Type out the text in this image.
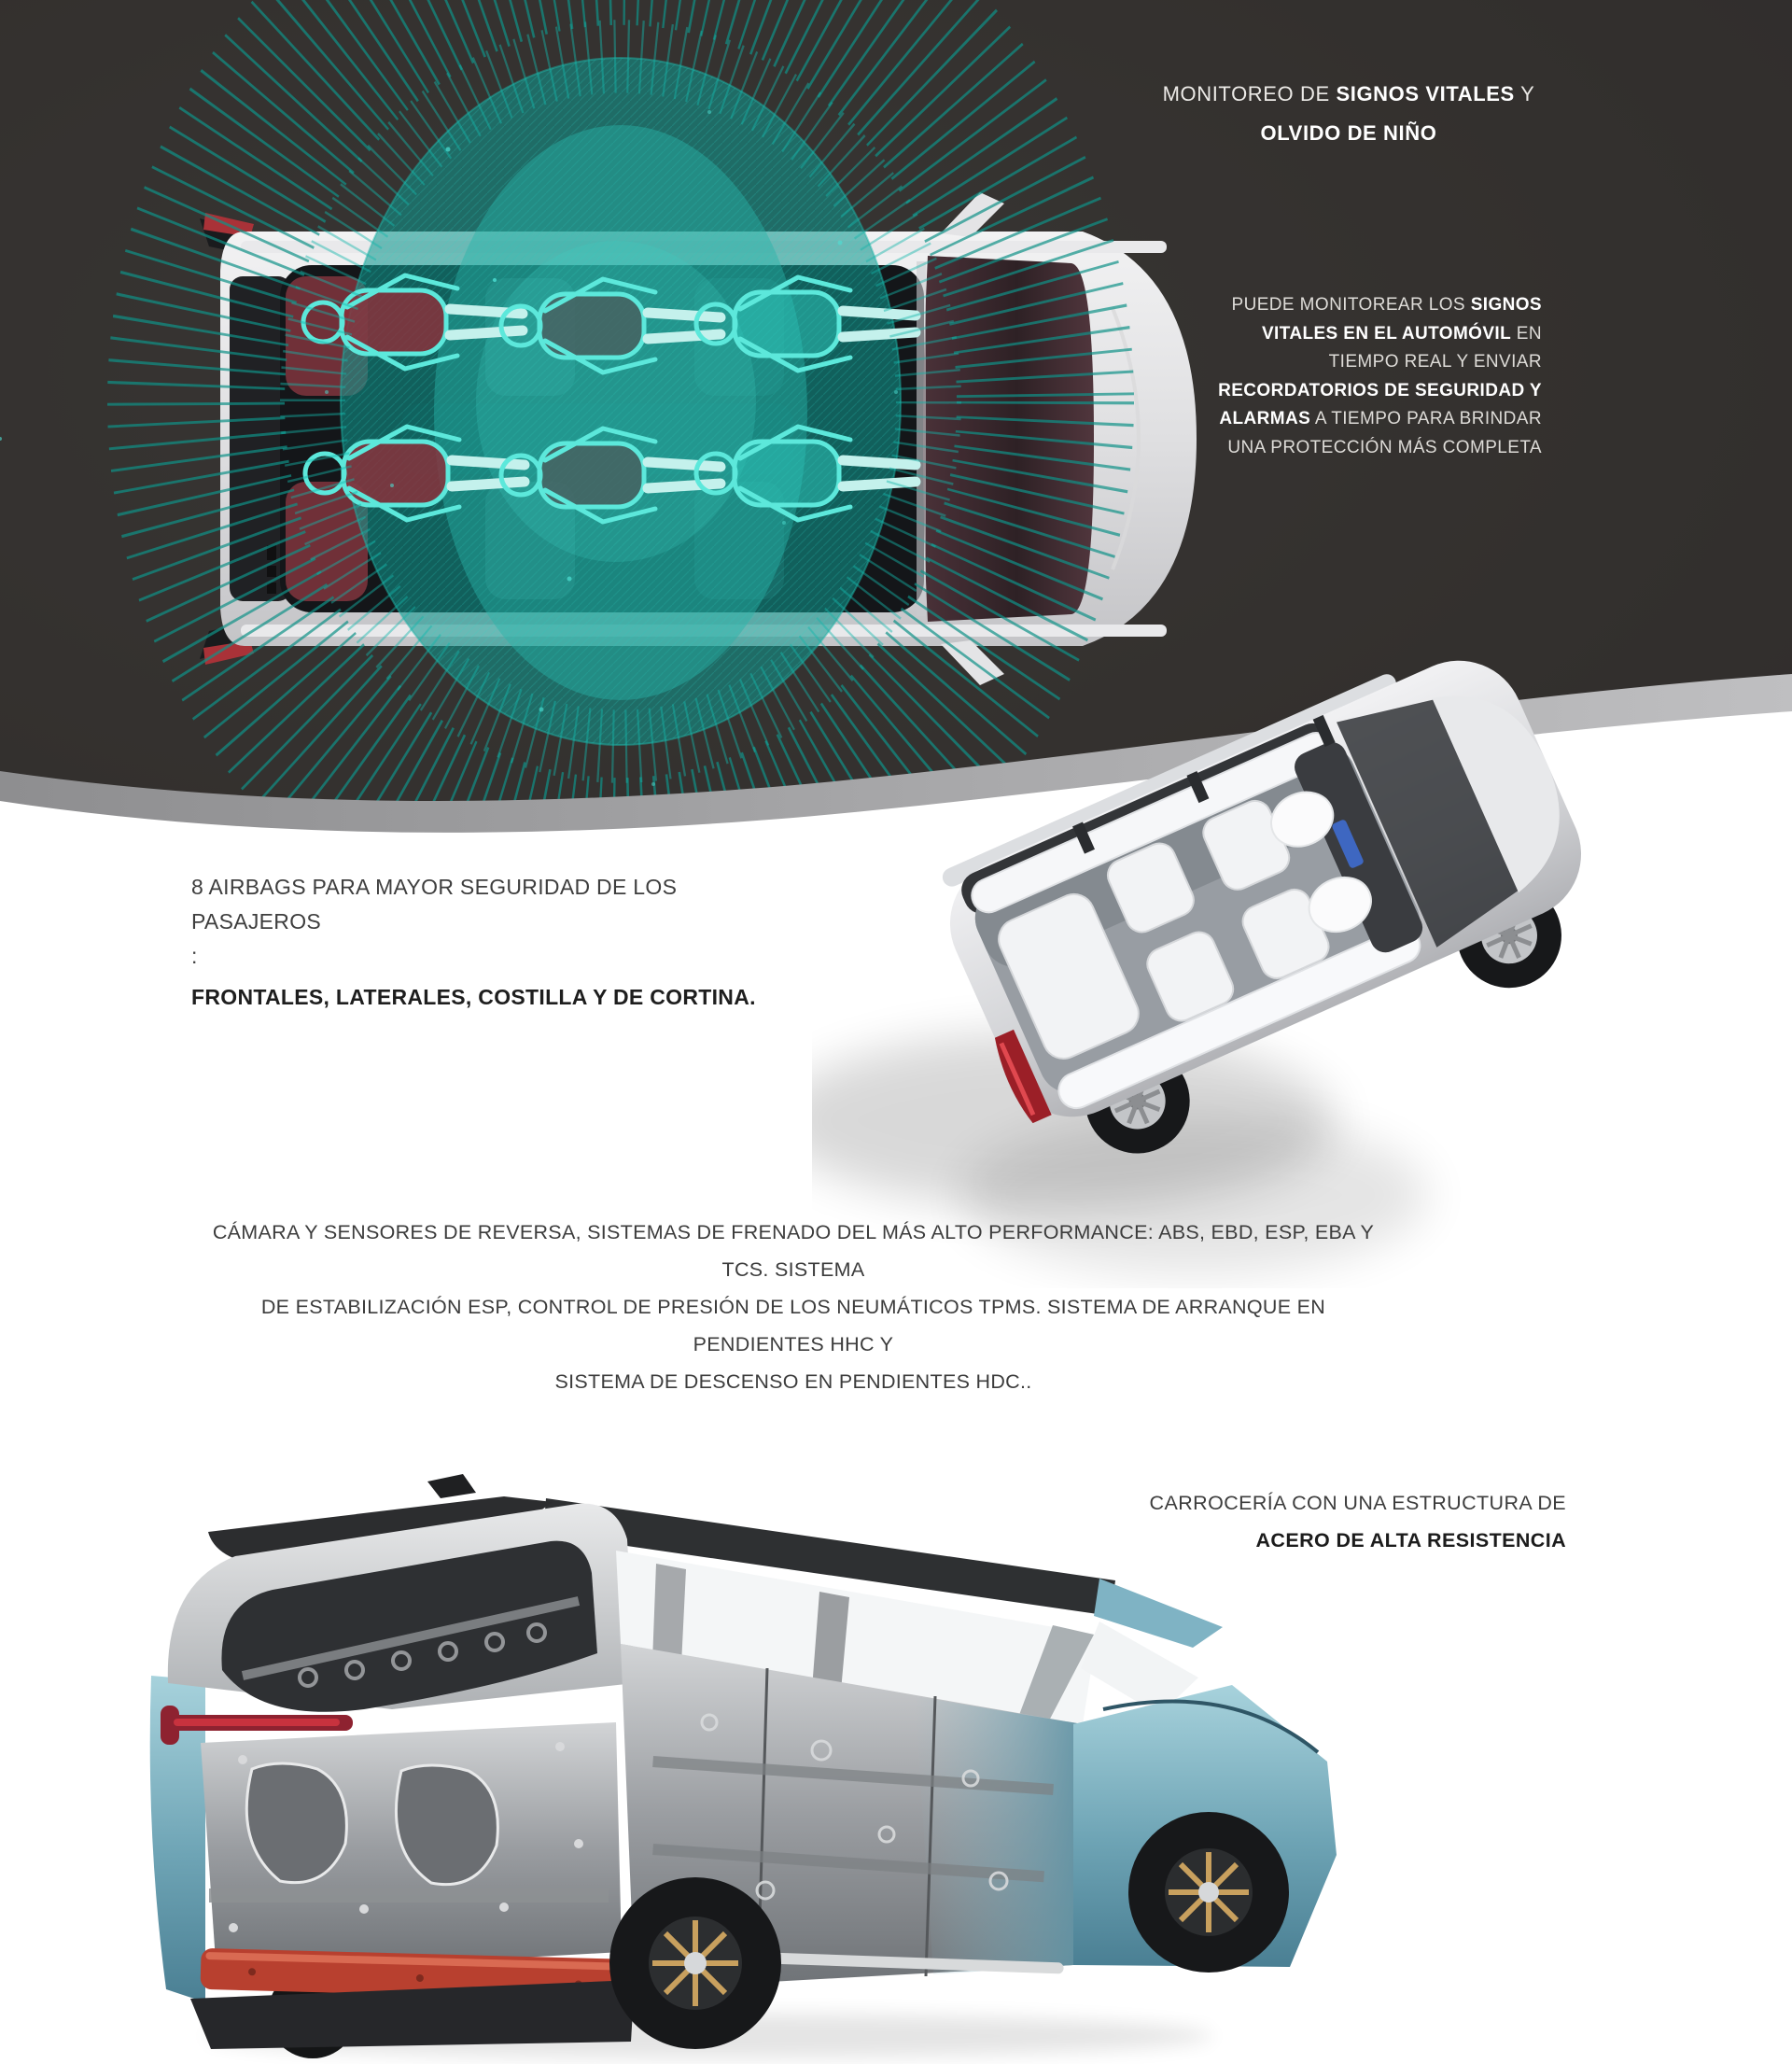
MONITOREO DE SIGNOS VITALES Y
OLVIDO DE NIÑO
PUEDE MONITOREAR LOS SIGNOS
VITALES EN EL AUTOMÓVIL EN
TIEMPO REAL Y ENVIAR
RECORDATORIOS DE SEGURIDAD Y
ALARMAS A TIEMPO PARA BRINDAR
UNA PROTECCIÓN MÁS COMPLETA
8 AIRBAGS PARA MAYOR SEGURIDAD DE LOS
PASAJEROS
:
FRONTALES, LATERALES, COSTILLA Y DE CORTINA.
CÁMARA Y SENSORES DE REVERSA, SISTEMAS DE FRENADO DEL MÁS ALTO PERFORMANCE: ABS, EBD, ESP, EBA Y TCS. SISTEMA
DE ESTABILIZACIÓN ESP, CONTROL DE PRESIÓN DE LOS NEUMÁTICOS TPMS. SISTEMA DE ARRANQUE EN PENDIENTES HHC Y
SISTEMA DE DESCENSO EN PENDIENTES HDC..
CARROCERÍA CON UNA ESTRUCTURA DE
ACERO DE ALTA RESISTENCIA
